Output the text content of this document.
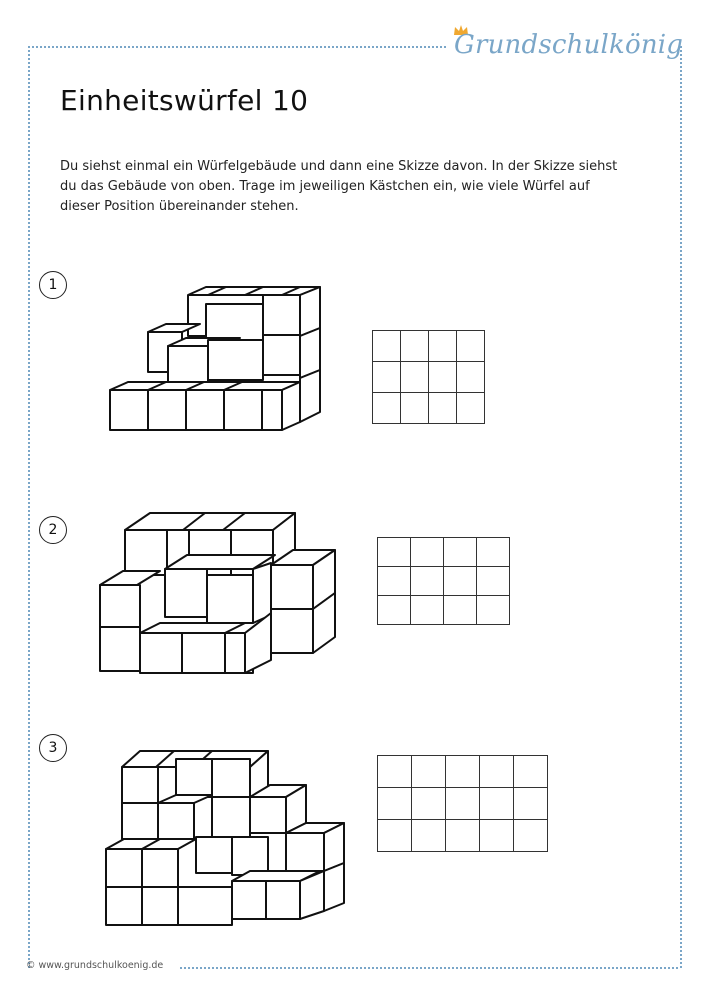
Grundschulkönig
Einheitswürfel 10
Du siehst einmal ein Würfelgebäude und dann eine Skizze davon. In der Skizze siehst
du das Gebäude von oben. Trage im jeweiligen Kästchen ein, wie viele Würfel auf
dieser Position übereinander stehen.
1

2

3

© www.grundschulkoenig.de
